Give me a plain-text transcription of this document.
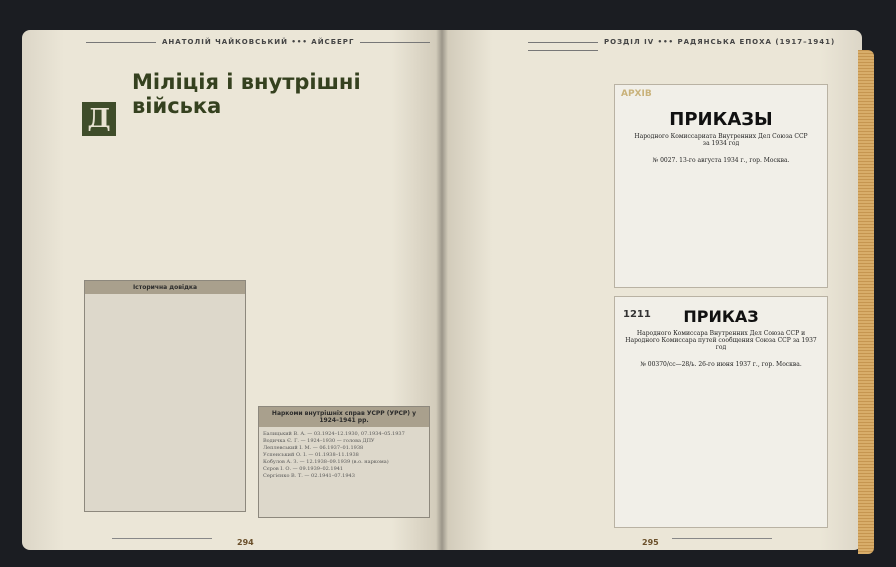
АНАТОЛІЙ ЧАЙКОВСЬКИЙ ••• АЙСБЕРГ
Міліція і внутрішні війська
Д
Історична довідка
Наркоми внутрішніх справ УСРР (УРСР) у 1924–1941 рр.
Балицький В. А. — 03.1924–12.1930, 07.1934–05.1937
Водичка Є. Г. — 1924–1930 — голова ДПУ
Леплевський І. М. — 06.1937–01.1938
Успенський О. І. — 01.1938–11.1938
Кобулов А. З. — 12.1938–09.1939 (в.о. наркома)
Сєров І. О. — 09.1939–02.1941
Сергієнко В. Т. — 02.1941–07.1943
294
РОЗДІЛ IV ••• РАДЯНСЬКА ЕПОХА (1917–1941)
АРХІВ
ПРИКАЗЫ
Народного Комиссариата Внутренних Дел Союза ССР за 1934 год
№ 0027. 13-го августа 1934 г., гор. Москва.
1211	ПРИКАЗ
Народного Комиссара Внутренних Дел Союза ССР и Народного Комиссара путей сообщения Союза ССР за 1937 год
№ 00370/сс—28/ь. 26-го июня 1937 г., гор. Москва.
295
